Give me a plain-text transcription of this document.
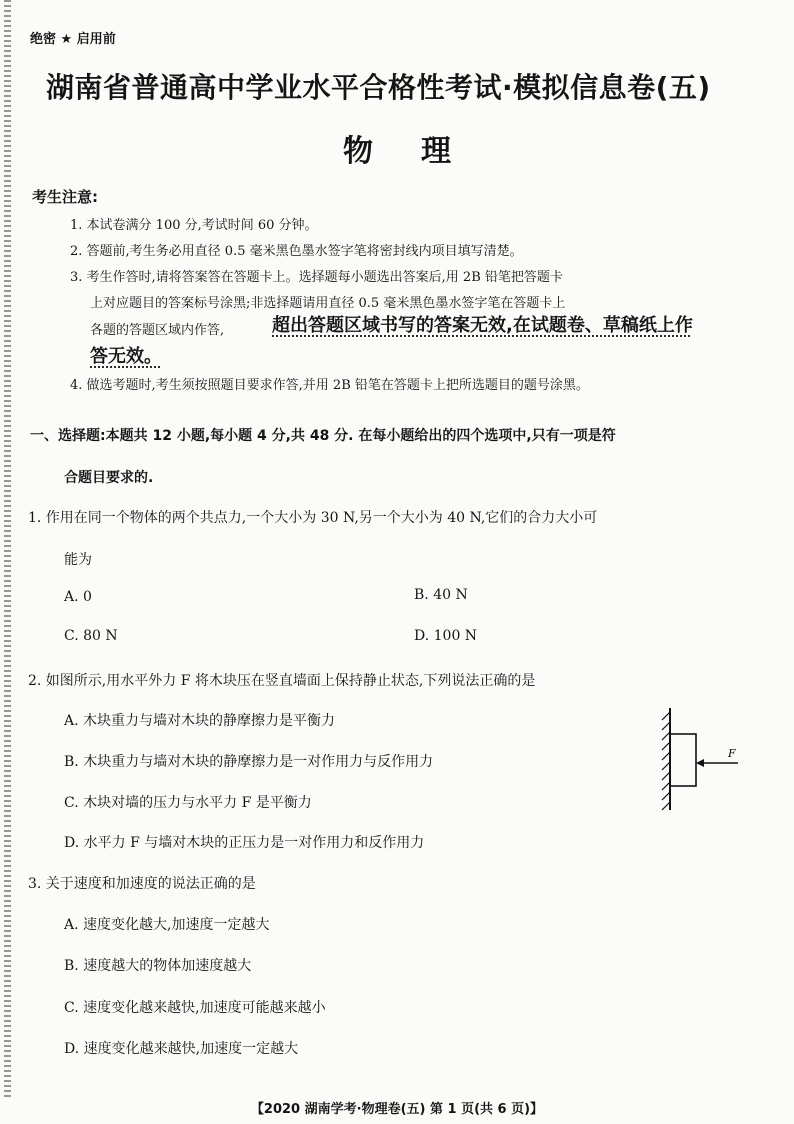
绝密 ★ 启用前
湖南省普通高中学业水平合格性考试·模拟信息卷(五)
物理
考生注意:
1. 本试卷满分 100 分,考试时间 60 分钟。
2. 答题前,考生务必用直径 0.5 毫米黑色墨水签字笔将密封线内项目填写清楚。
3. 考生作答时,请将答案答在答题卡上。选择题每小题选出答案后,用 2B 铅笔把答题卡
上对应题目的答案标号涂黑;非选择题请用直径 0.5 毫米黑色墨水签字笔在答题卡上
各题的答题区域内作答,	超出答题区域书写的答案无效,在试题卷、草稿纸上作
答无效。
4. 做选考题时,考生须按照题目要求作答,并用 2B 铅笔在答题卡上把所选题目的题号涂黑。
一、选择题:本题共 12 小题,每小题 4 分,共 48 分. 在每小题给出的四个选项中,只有一项是符
合题目要求的.
1. 作用在同一个物体的两个共点力,一个大小为 30 N,另一个大小为 40 N,它们的合力大小可
能为
A. 0	B. 40 N
C. 80 N	D. 100 N
2. 如图所示,用水平外力 F 将木块压在竖直墙面上保持静止状态,下列说法正确的是
A. 木块重力与墙对木块的静摩擦力是平衡力
B. 木块重力与墙对木块的静摩擦力是一对作用力与反作用力
C. 木块对墙的压力与水平力 F 是平衡力
D. 水平力 F 与墙对木块的正压力是一对作用力和反作用力
F
3. 关于速度和加速度的说法正确的是
A. 速度变化越大,加速度一定越大
B. 速度越大的物体加速度越大
C. 速度变化越来越快,加速度可能越来越小
D. 速度变化越来越快,加速度一定越大
【2020 湖南学考·物理卷(五) 第 1 页(共 6 页)】
